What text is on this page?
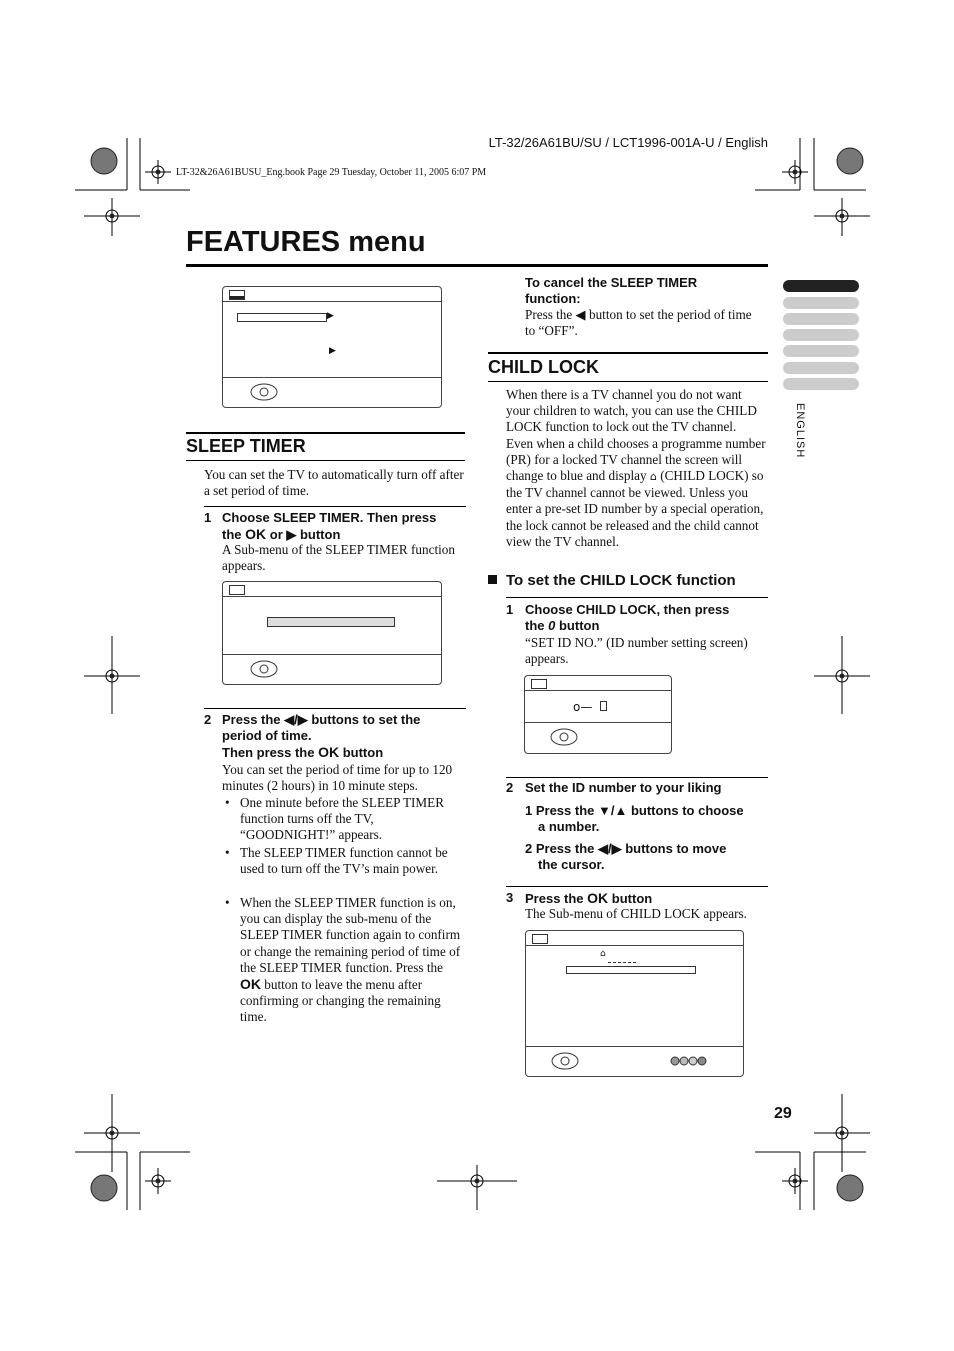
LT-32/26A61BU/SU / LCT1996-001A-U / English
LT-32&26A61BUSU_Eng.book Page 29 Tuesday, October 11, 2005 6:07 PM
FEATURES menu
ENGLISH
▶
▶
SLEEP TIMER
You can set the TV to automatically turn off after a set period of time.
1 Choose SLEEP TIMER. Then press
the OK or ▶ button
A Sub-menu of the SLEEP TIMER function appears.
2 Press the ◀/▶ buttons to set the
period of time.
Then press the OK button
You can set the period of time for up to 120 minutes (2 hours) in 10 minute steps.
• One minute before the SLEEP TIMER function turns off the TV, “GOODNIGHT!” appears.
• The SLEEP TIMER function cannot be used to turn off the TV’s main power.
• When the SLEEP TIMER function is on, you can display the sub-menu of the SLEEP TIMER function again to confirm or change the remaining period of time of the SLEEP TIMER function. Press the OK button to leave the menu after confirming or changing the remaining time.
To cancel the SLEEP TIMER
function:
Press the ◀ button to set the period of time to “OFF”.
CHILD LOCK
When there is a TV channel you do not want your children to watch, you can use the CHILD LOCK function to lock out the TV channel. Even when a child chooses a programme number (PR) for a locked TV channel the screen will change to blue and display ⌂ (CHILD LOCK) so the TV channel cannot be viewed. Unless you enter a pre-set ID number by a special operation, the lock cannot be released and the child cannot view the TV channel.
To set the CHILD LOCK function
1 Choose CHILD LOCK, then press
the 0 button
“SET ID NO.” (ID number setting screen) appears.
o—
2 Set the ID number to your liking
1 Press the ▼/▲ buttons to choose
a number.
2 Press the ◀/▶ buttons to move
the cursor.
3 Press the OK button
The Sub-menu of CHILD LOCK appears.
⌂
29
